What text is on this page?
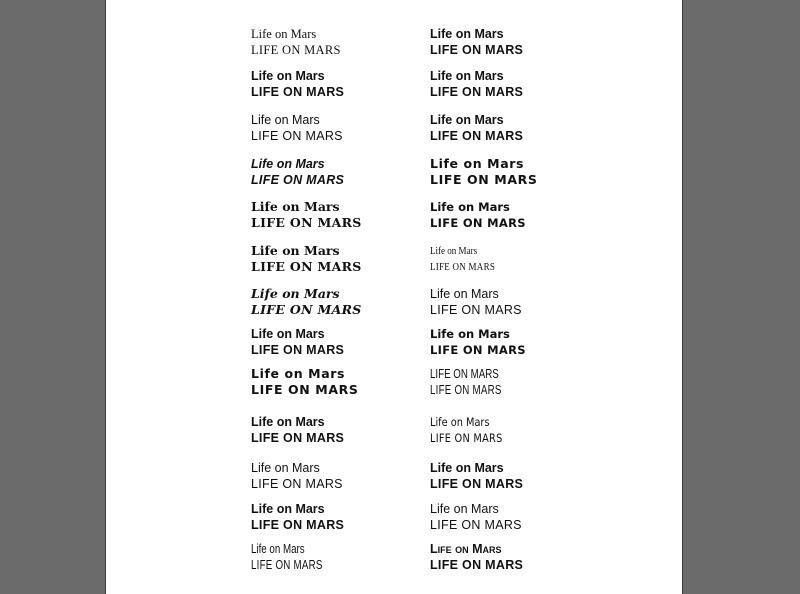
Life on Mars
LIFE ON MARS
Life on Mars
LIFE ON MARS
Life on Mars
LIFE ON MARS
Life on Mars
LIFE ON MARS
Life on Mars
LIFE ON MARS
Life on Mars
LIFE ON MARS
Life on Mars
LIFE ON MARS
Life on Mars
LIFE ON MARS
Life on Mars
LIFE ON MARS
Life on Mars
LIFE ON MARS
Life on Mars
LIFE ON MARS
Life on Mars
LIFE ON MARS
Life on Mars
LIFE ON MARS
Life on Mars
LIFE ON MARS
Life on Mars
LIFE ON MARS
Life on Mars
LIFE ON MARS
Life on Mars
LIFE ON MARS
Life on Mars
LIFE ON MARS
Life on Mars
LIFE ON MARS
Life on Mars
LIFE ON MARS
Life on Mars
LIFE ON MARS
LIFE ON MARS
LIFE ON MARS
Life on Mars
LIFE ON MARS
Life on Mars
LIFE ON MARS
Life on Mars
LIFE ON MARS
Life on Mars
LIFE ON MARS
